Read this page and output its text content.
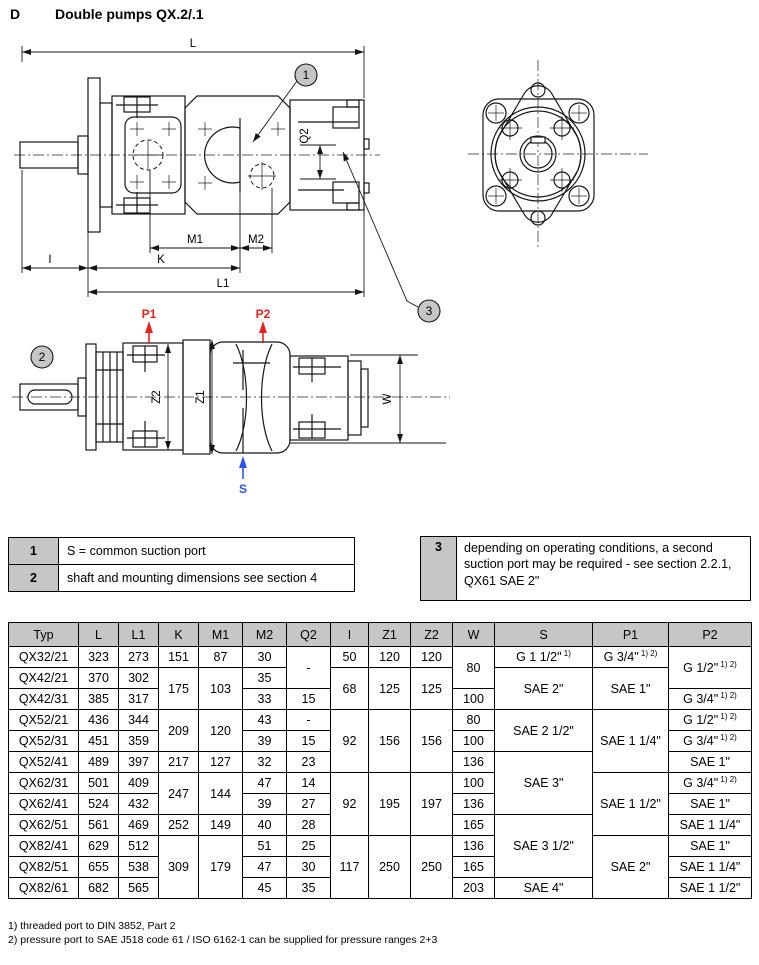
D Double pumps QX.2/.1
L
Q2
M1	M2
I	K
L1
1
3
Z2	Z1	W
P1	P2
S
2
1	S = common suction port
2	shaft and mounting dimensions see section 4
3	depending on operating conditions, a second suction port may be required - see section 2.2.1, QX61 SAE 2"
Typ	L	L1	K	M1	M2	Q2	I	Z1	Z2	W	S	P1	P2
QX32/21	323	273	151	87	30	-	50	120	120	80	G 1 1/2" $^{1)}$	G 3/4" $^{1) 2)}$	G 1/2" $^{1) 2)}$
QX42/21	370	302	175	103	35		68	125	125		SAE 2"	SAE 1"	
QX42/31	385	317			33	15				100			G 3/4" $^{1) 2)}$
QX52/21	436	344	209	120	43	-	92	156	156	80	SAE 2 1/2"	SAE 1 1/4"	G 1/2" $^{1) 2)}$
QX52/31	451	359			39	15				100			G 3/4" $^{1) 2)}$
QX52/41	489	397	217	127	32	23				136	SAE 3"		SAE 1"
QX62/31	501	409	247	144	47	14	92	195	197	100		SAE 1 1/2"	G 3/4" $^{1) 2)}$
QX62/41	524	432			39	27				136			SAE 1"
QX62/51	561	469	252	149	40	28				165	SAE 3 1/2"		SAE 1 1/4"
QX82/41	629	512	309	179	51	25	117	250	250	136		SAE 2"	SAE 1"
QX82/51	655	538			47	30				165			SAE 1 1/4"
QX82/61	682	565			45	35				203	SAE 4"		SAE 1 1/2"
1) threaded port to DIN 3852, Part 2
2) pressure port to SAE J518 code 61 / ISO 6162-1 can be supplied for pressure ranges 2+3
